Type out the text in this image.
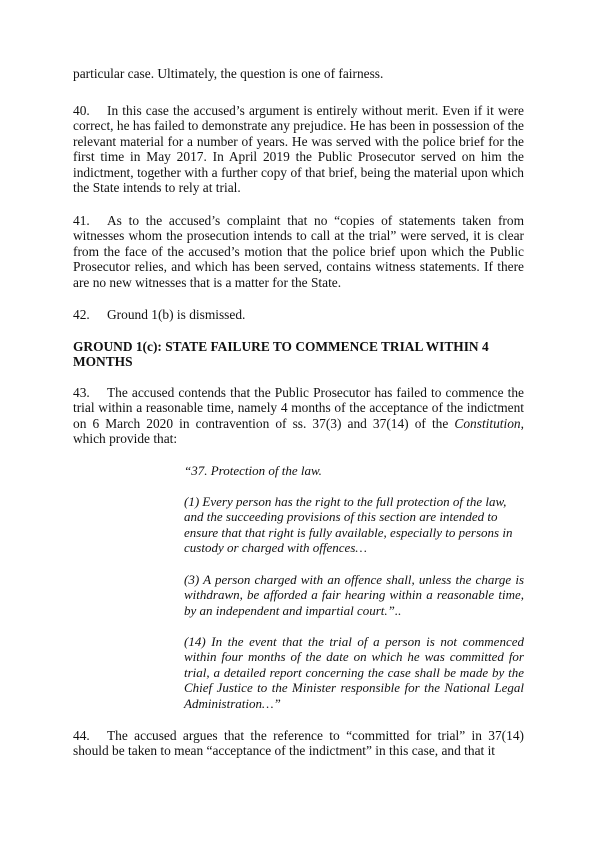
particular case. Ultimately, the question is one of fairness.

40. In this case the accused’s argument is entirely without merit. Even if it were correct, he has failed to demonstrate any prejudice. He has been in possession of the relevant material for a number of years. He was served with the police brief for the first time in May 2017. In April 2019 the Public Prosecutor served on him the indictment, together with a further copy of that brief, being the material upon which the State intends to rely at trial.

41. As to the accused’s complaint that no “copies of statements taken from witnesses whom the prosecution intends to call at the trial” were served, it is clear from the face of the accused’s motion that the police brief upon which the Public Prosecutor relies, and which has been served, contains witness statements. If there are no new witnesses that is a matter for the State.

42. Ground 1(b) is dismissed.

GROUND 1(c): STATE FAILURE TO COMMENCE TRIAL WITHIN 4 MONTHS

43. The accused contends that the Public Prosecutor has failed to commence the trial within a reasonable time, namely 4 months of the acceptance of the indictment on 6 March 2020 in contravention of ss. 37(3) and 37(14) of the Constitution, which provide that:

“37. Protection of the law.

(1) Every person has the right to the full protection of the law, and the succeeding provisions of this section are intended to ensure that that right is fully available, especially to persons in custody or charged with offences…

(3) A person charged with an offence shall, unless the charge is withdrawn, be afforded a fair hearing within a reasonable time, by an independent and impartial court.”..

(14) In the event that the trial of a person is not commenced within four months of the date on which he was committed for trial, a detailed report concerning the case shall be made by the Chief Justice to the Minister responsible for the National Legal Administration…”

44. The accused argues that the reference to “committed for trial” in 37(14) should be taken to mean “acceptance of the indictment” in this case, and that it
